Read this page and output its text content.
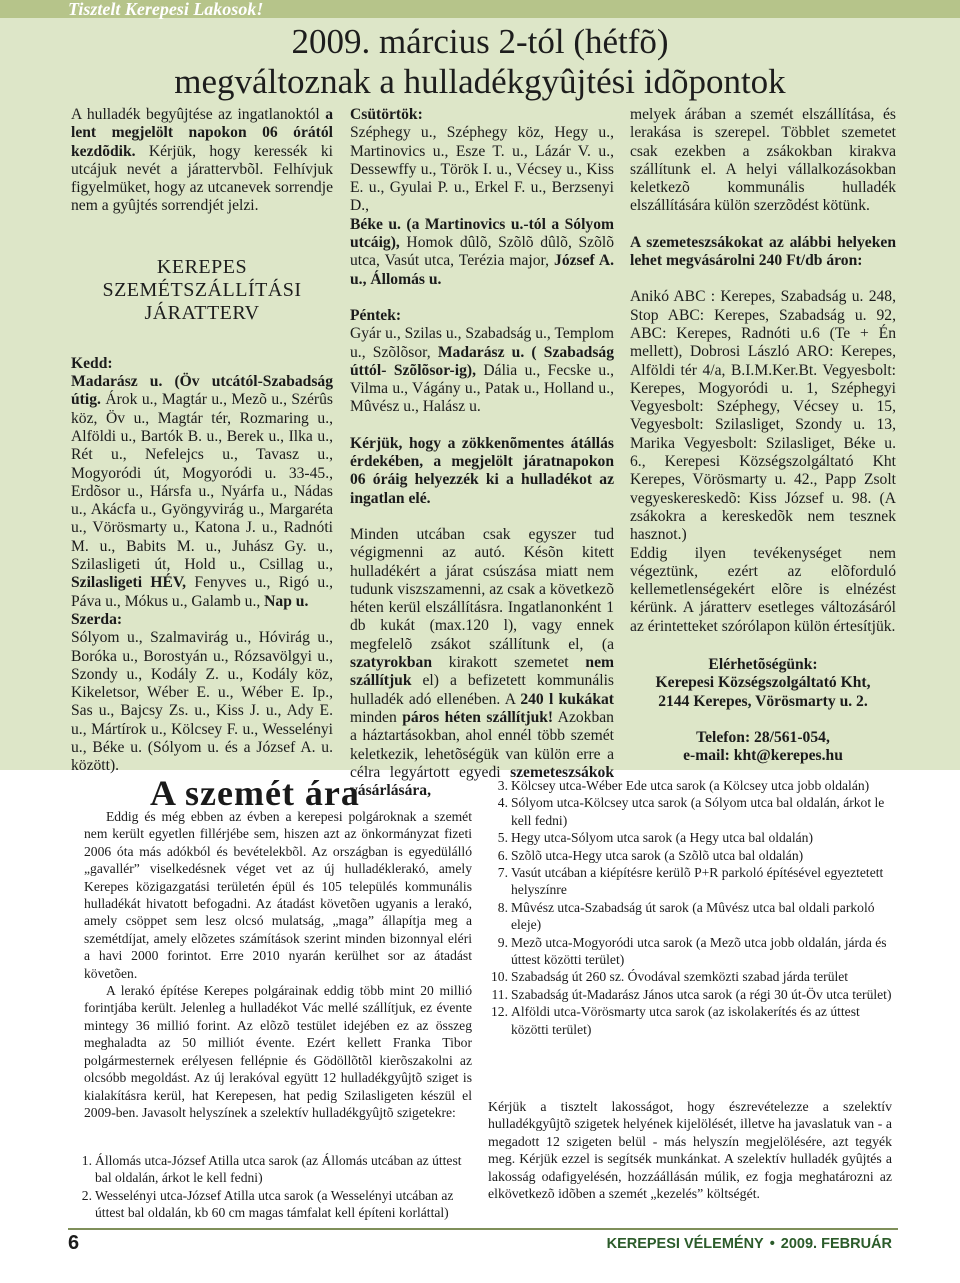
Tisztelt Kerepesi Lakosok!
2009. március 2-tól (hétfõ)
megváltoznak a hulladékgyûjtési idõpontok

A hulladék begyûjtése az ingatlanoktól a lent megjelölt napokon 06 órától kezdõdik. Kérjük, hogy keressék ki utcájuk nevét a járattervbõl. Felhívjuk figyelmüket, hogy az utcanevek sorrendje nem a gyûjtés sorrendjét jelzi.

KEREPES
SZEMÉTSZÁLLÍTÁSI
JÁRATTERV

Kedd:

Madarász u. (Öv utcától-Szabadság útig. Árok u., Magtár u., Mezõ u., Szérûs köz, Öv u., Magtár tér, Rozmaring u., Alföldi u., Bartók B. u., Berek u., Ilka u., Rét u., Nefelejcs u., Tavasz u., Mogyoródi út, Mogyoródi u. 33-45., Erdõsor u., Hársfa u., Nyárfa u., Nádas u., Akácfa u., Gyöngyvirág u., Margaréta u., Vörösmarty u., Katona J. u., Radnóti M. u., Babits M. u., Juhász Gy. u., Szilasligeti út, Hold u., Csillag u., Szilasligeti HÉV, Fenyves u., Rigó u., Páva u., Mókus u., Galamb u., Nap u.

Szerda:

Sólyom u., Szalmavirág u., Hóvirág u., Boróka u., Borostyán u., Rózsavölgyi u., Szondy u., Kodály Z. u., Kodály köz, Kikeletsor, Wéber E. u., Wéber E. Ip., Sas u., Bajcsy Zs. u., Kiss J. u., Ady E. u., Mártírok u., Kölcsey F. u., Wesselényi u., Béke u. (Sólyom u. és a József A. u. között).

Csütörtök:

Széphegy u., Széphegy köz, Hegy u., Martinovics u., Esze T. u., Lázár V. u., Dessewffy u., Török I. u., Vécsey u., Kiss E. u., Gyulai P. u., Erkel F. u., Berzsenyi D.,
Béke u. (a Martinovics u.-tól a Sólyom utcáig), Homok dûlõ, Szõlõ dûlõ, Szõlõ utca, Vasút utca, Terézia major, József A. u., Állomás u.

Péntek:

Gyár u., Szilas u., Szabadság u., Templom u., Szõlõsor, Madarász u. ( Szabadság úttól- Szõlõsor-ig), Dália u., Fecske u., Vilma u., Vágány u., Patak u., Holland u., Mûvész u., Halász u.

Kérjük, hogy a zökkenõmentes átállás érdekében, a megjelölt járatnapokon 06 óráig helyezzék ki a hulladékot az ingatlan elé.

Minden utcában csak egyszer tud végigmenni az autó. Késõn kitett hulladékért a járat csúszása miatt nem tudunk viszszamenni, az csak a következõ héten kerül elszállításra. Ingatlanonként 1 db kukát (max.120 l), vagy ennek megfelelõ zsákot szállítunk el, (a szatyrokban kirakott szemetet nem szállítjuk el) a befizetett kommunális hulladék adó ellenében. A 240 l kukákat minden páros héten szállítjuk! Azokban a háztartásokban, ahol ennél több szemét keletkezik, lehetõségük van külön erre a célra legyártott egyedi szemeteszsákok vásárlására,

melyek árában a szemét elszállítása, és lerakása is szerepel. Többlet szemetet csak ezekben a zsákokban kirakva szállítunk el. A helyi vállalkozásokban keletkezõ kommunális hulladék elszállítására külön szerzõdést kötünk.

A szemeteszsákokat az alábbi helyeken lehet megvásárolni 240 Ft/db áron:

Anikó ABC : Kerepes, Szabadság u. 248, Stop ABC: Kerepes, Szabadság u. 92, ABC: Kerepes, Radnóti u.6 (Te + Én mellett), Dobrosi László ARO: Kerepes, Alföldi tér 4/a, B.I.M.Ker.Bt. Vegyesbolt: Kerepes, Mogyoródi u. 1, Széphegyi Vegyesbolt: Széphegy, Vécsey u. 15, Vegyesbolt: Szilasliget, Szondy u. 13, Marika Vegyesbolt: Szilasliget, Béke u. 6., Kerepesi Községszolgáltató Kht Kerepes, Vörösmarty u. 42., Papp Zsolt vegyeskereskedõ: Kiss József u. 98. (A zsákokra a kereskedõk nem tesznek hasznot.)

Eddig ilyen tevékenységet nem végeztünk, ezért az elõforduló kellemetlenségekért elõre is elnézést kérünk. A járatterv esetleges változásáról az érintetteket szórólapon külön értesítjük.

Elérhetõségünk:
Kerepesi Községszolgáltató Kht,
2144 Kerepes, Vörösmarty u. 2.
Telefon: 28/561-054,
e-mail: kht@kerepes.hu
A szemét ára

Eddig és még ebben az évben a kerepesi polgároknak a szemét nem került egyetlen fillérjébe sem, hiszen azt az önkormányzat fizeti 2006 óta más adókból és bevételekbõl. Az országban is egyedülálló „gavallér” viselkedésnek véget vet az új hulladéklerakó, amely Kerepes közigazgatási területén épül és 105 település kommunális hulladékát hivatott befogadni. Az átadást követõen ugyanis a lerakó, amely csöppet sem lesz olcsó mulatság, „maga” állapítja meg a szemétdíjat, amely elõzetes számítások szerint minden bizonnyal eléri a havi 2000 forintot. Erre 2010 nyarán kerülhet sor az átadást követõen.

A lerakó építése Kerepes polgárainak eddig több mint 20 millió forintjába került. Jelenleg a hulladékot Vác mellé szállítjuk, ez évente mintegy 36 millió forint. Az elõzõ testület idejében ez az összeg meghaladta az 50 milliót évente. Ezért kellett Franka Tibor polgármesternek erélyesen fellépnie és Gödöllõtõl kierõszakolni az olcsóbb megoldást. Az új lerakóval együtt 12 hulladékgyûjtõ sziget is kialakításra kerül, hat Kerepesen, hat pedig Szilasligeten készül el 2009-ben. Javasolt helyszínek a szelektív hulladékgyûjtõ szigetekre:

1. Állomás utca-József Atilla utca sarok (az Állomás utcában az úttest bal oldalán, árkot le kell fedni)
2. Wesselényi utca-József Atilla utca sarok (a Wesselényi utcában az úttest bal oldalán, kb 60 cm magas támfalat kell építeni korláttal)
3. Kölcsey utca-Wéber Ede utca sarok (a Kölcsey utca jobb oldalán)
4. Sólyom utca-Kölcsey utca sarok (a Sólyom utca bal oldalán, árkot le kell fedni)
5. Hegy utca-Sólyom utca sarok (a Hegy utca bal oldalán)
6. Szõlõ utca-Hegy utca sarok (a Szõlõ utca bal oldalán)
7. Vasút utcában a kiépítésre kerülõ P+R parkoló építésével egyeztetett helyszínre
8. Mûvész utca-Szabadság út sarok (a Mûvész utca bal oldali parkoló eleje)
9. Mezõ utca-Mogyoródi utca sarok (a Mezõ utca jobb oldalán, járda és úttest közötti terület)
10. Szabadság út 260 sz. Óvodával szemközti szabad járda terület
11. Szabadság út-Madarász János utca sarok (a régi 30 út-Öv utca terület)
12. Alföldi utca-Vörösmarty utca sarok (az iskolakerítés és az úttest közötti terület)
Kérjük a tisztelt lakosságot, hogy észrevételezze a szelektív hulladékgyûjtõ szigetek helyének kijelölését, illetve ha javaslatuk van - a megadott 12 szigeten belül - más helyszín megjelölésére, azt tegyék meg. Kérjük ezzel is segítsék munkánkat. A szelektív hulladék gyûjtés a lakosság odafigyelésén, hozzáállásán múlik, ez fogja meghatározni az elkövetkezõ idõben a szemét „kezelés” költségét.
6	KEREPESI VÉLEMÉNY • 2009. FEBRUÁR
